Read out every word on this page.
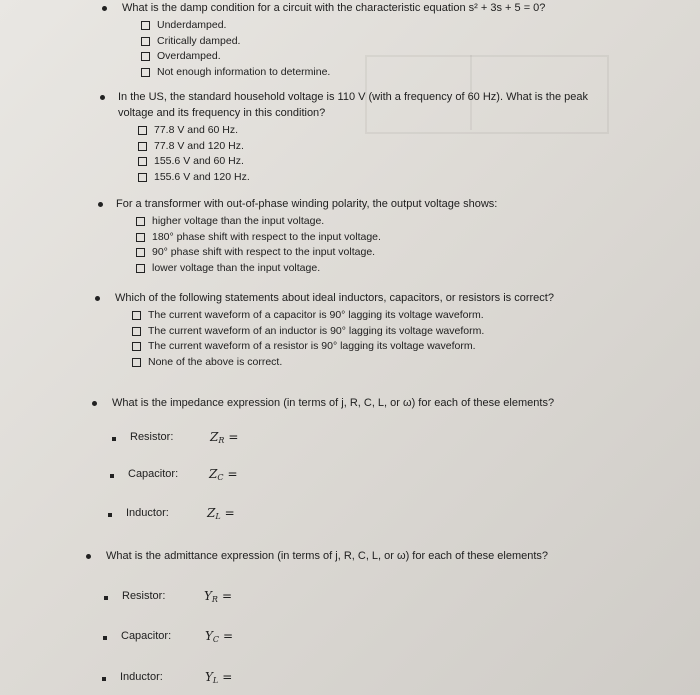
What is the damp condition for a circuit with the characteristic equation s² + 3s + 5 = 0?
Underdamped.
Critically damped.
Overdamped.
Not enough information to determine.
In the US, the standard household voltage is 110 V (with a frequency of 60 Hz). What is the peak
voltage and its frequency in this condition?
77.8 V and 60 Hz.
77.8 V and 120 Hz.
155.6 V and 60 Hz.
155.6 V and 120 Hz.
For a transformer with out-of-phase winding polarity, the output voltage shows:
higher voltage than the input voltage.
180° phase shift with respect to the input voltage.
90° phase shift with respect to the input voltage.
lower voltage than the input voltage.
Which of the following statements about ideal inductors, capacitors, or resistors is correct?
The current waveform of a capacitor is 90° lagging its voltage waveform.
The current waveform of an inductor is 90° lagging its voltage waveform.
The current waveform of a resistor is 90° lagging its voltage waveform.
None of the above is correct.
What is the impedance expression (in terms of j, R, C, L, or ω) for each of these elements?
Resistor:	$Z_R$ =
Capacitor:	$Z_C$ =
Inductor:	$Z_L$ =
What is the admittance expression (in terms of j, R, C, L, or ω) for each of these elements?
Resistor:	$Y_R$ =
Capacitor:	$Y_C$ =
Inductor:	$Y_L$ =
